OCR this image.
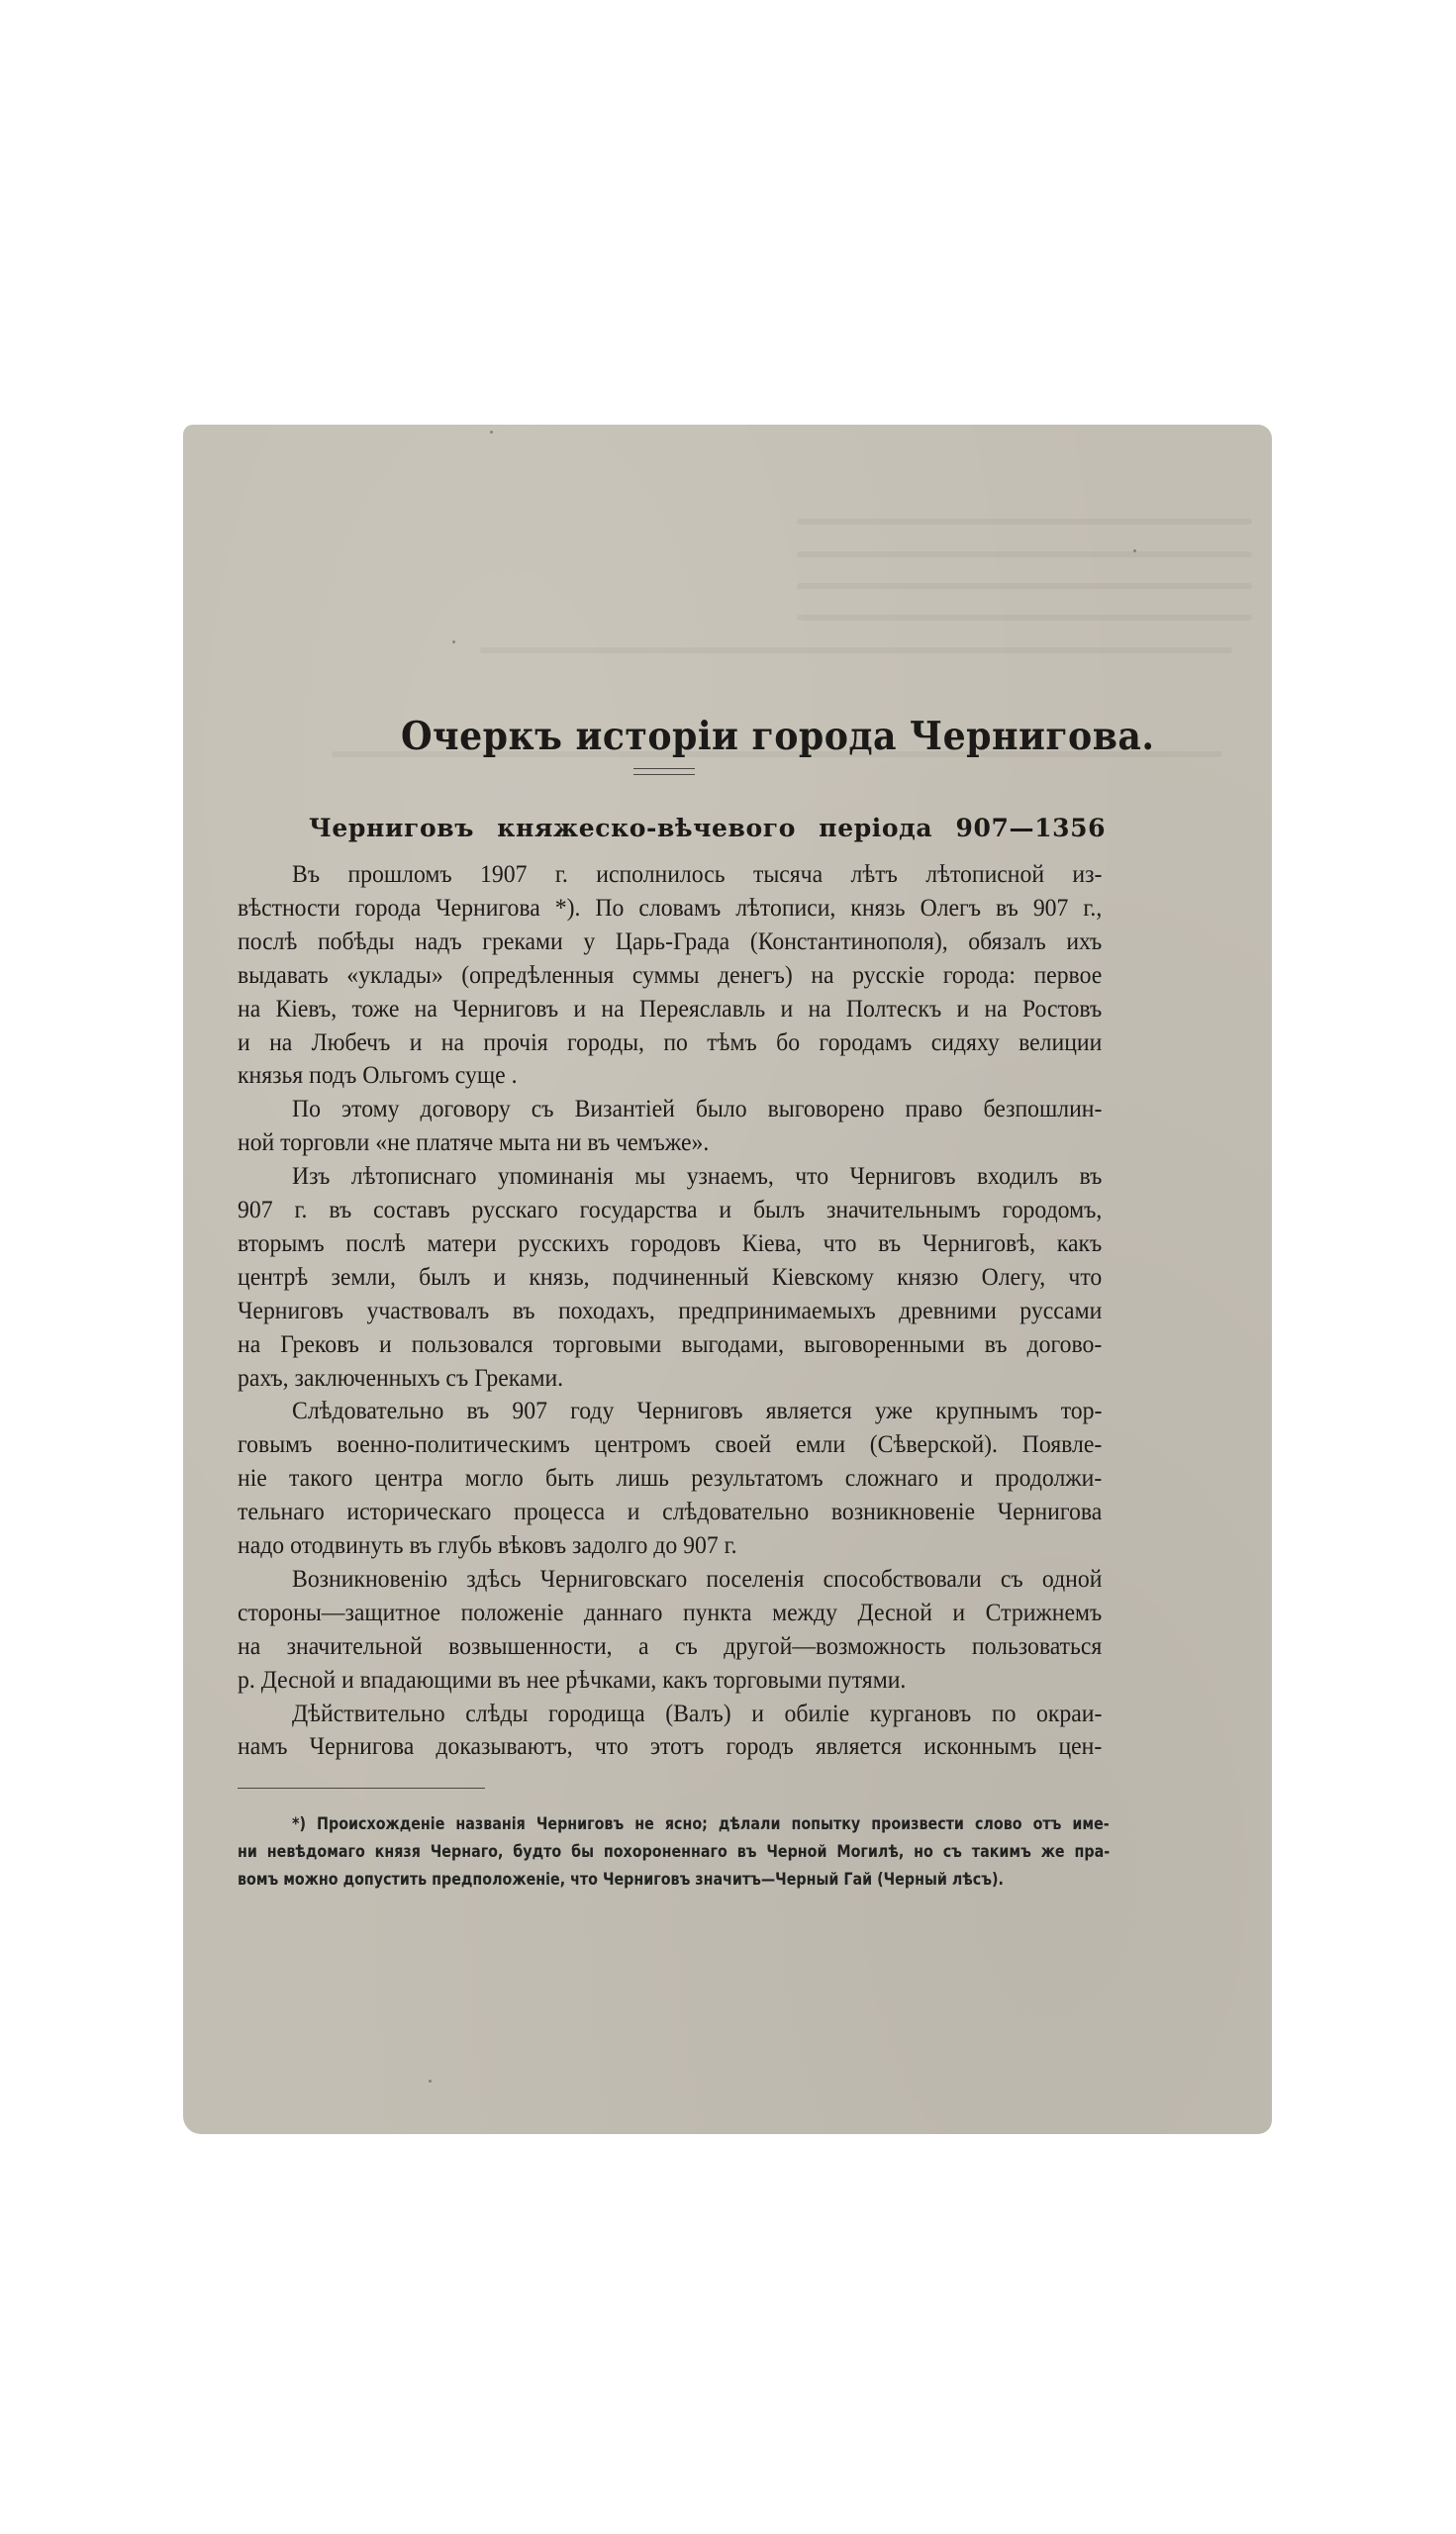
Очеркъ исторіи города Чернигова.
Черниговъ княжеско-вѣчевого періода 907—1356
Въ прошломъ 1907 г. исполнилось тысяча лѣтъ лѣтописной из-
вѣстности города Чернигова *). По словамъ лѣтописи, князь Олегъ въ 907 г.,
послѣ побѣды надъ греками у Царь-Града (Константинополя), обязалъ ихъ
выдавать «уклады» (опредѣленныя суммы денегъ) на русскіе города: первое
на Кіевъ, тоже на Черниговъ и на Переяславль и на Полтескъ и на Ростовъ
и на Любечъ и на прочія городы, по тѣмъ бо городамъ сидяху велиции
князья подъ Ольгомъ суще .
По этому договору съ Византіей было выговорено право безпошлин-
ной торговли «не платяче мыта ни въ чемъже».
Изъ лѣтописнаго упоминанія мы узнаемъ, что Черниговъ входилъ въ
907 г. въ составъ русскаго государства и былъ значительнымъ городомъ,
вторымъ послѣ матери русскихъ городовъ Кіева, что въ Черниговѣ, какъ
центрѣ земли, былъ и князь, подчиненный Кіевскому князю Олегу, что
Черниговъ участвовалъ въ походахъ, предпринимаемыхъ древними руссами
на Грековъ и пользовался торговыми выгодами, выговоренными въ догово-
рахъ, заключенныхъ съ Греками.
Слѣдовательно въ 907 году Черниговъ является уже крупнымъ тор-
говымъ военно-политическимъ центромъ своей емли (Сѣверской). Появле-
ніе такого центра могло быть лишь результатомъ сложнаго и продолжи-
тельнаго историческаго процесса и слѣдовательно возникновеніе Чернигова
надо отодвинуть въ глубь вѣковъ задолго до 907 г.
Возникновенію здѣсь Черниговскаго поселенія способствовали съ одной
стороны—защитное положеніе даннаго пункта между Десной и Стрижнемъ
на значительной возвышенности, а съ другой—возможность пользоваться
р. Десной и впадающими въ нее рѣчками, какъ торговыми путями.
Дѣйствительно слѣды городища (Валъ) и обиліе кургановъ по окраи-
намъ Чернигова доказываютъ, что этотъ городъ является исконнымъ цен-
*) Происхожденіе названія Черниговъ не ясно; дѣлали попытку произвести слово отъ име-
ни невѣдомаго князя Чернаго, будто бы похороненнаго въ Черной Могилѣ, но съ такимъ же пра-
вомъ можно допустить предположеніе, что Черниговъ значитъ—Черный Гай (Черный лѣсъ).
